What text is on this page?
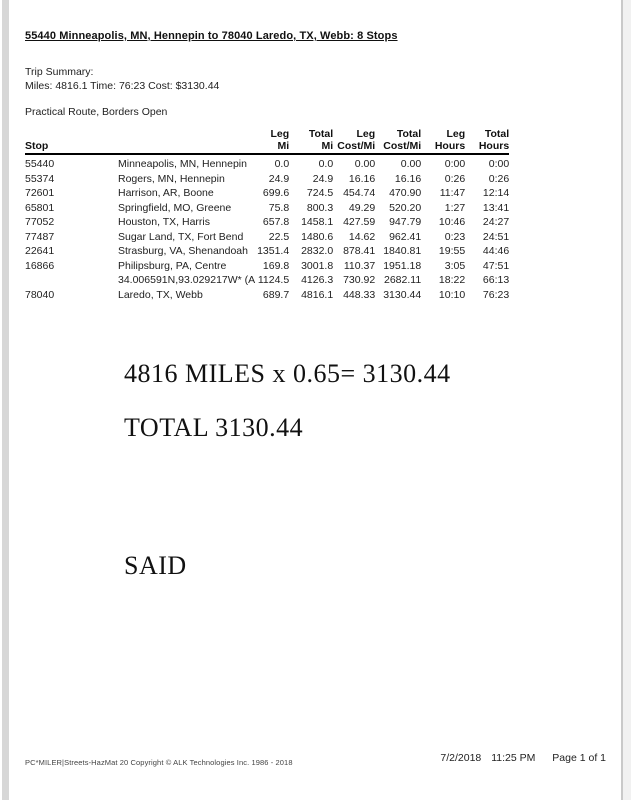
55440 Minneapolis, MN, Hennepin to 78040 Laredo, TX, Webb: 8 Stops
Trip Summary:
Miles: 4816.1 Time: 76:23 Cost: $3130.44
Practical Route, Borders Open
		Leg	Total	Leg	Total	Leg	Total
Stop		Mi	Mi	Cost/Mi	Cost/Mi	Hours	Hours
55440	Minneapolis, MN, Hennepin	0.0	0.0	0.00	0.00	0:00	0:00
55374	Rogers, MN, Hennepin	24.9	24.9	16.16	16.16	0:26	0:26
72601	Harrison, AR, Boone	699.6	724.5	454.74	470.90	11:47	12:14
65801	Springfield, MO, Greene	75.8	800.3	49.29	520.20	1:27	13:41
77052	Houston, TX, Harris	657.8	1458.1	427.59	947.79	10:46	24:27
77487	Sugar Land, TX, Fort Bend	22.5	1480.6	14.62	962.41	0:23	24:51
22641	Strasburg, VA, Shenandoah	1351.4	2832.0	878.41	1840.81	19:55	44:46
16866	Philipsburg, PA, Centre	169.8	3001.8	110.37	1951.18	3:05	47:51
	34.006591N,93.029217W* (A	1124.5	4126.3	730.92	2682.11	18:22	66:13
78040	Laredo, TX, Webb	689.7	4816.1	448.33	3130.44	10:10	76:23
4816 MILES x 0.65= 3130.44
TOTAL 3130.44
SAID
PC*MILER|Streets-HazMat 20 Copyright © ALK Technologies Inc. 1986 - 2018	7/2/2018 11:25 PM Page 1 of 1
